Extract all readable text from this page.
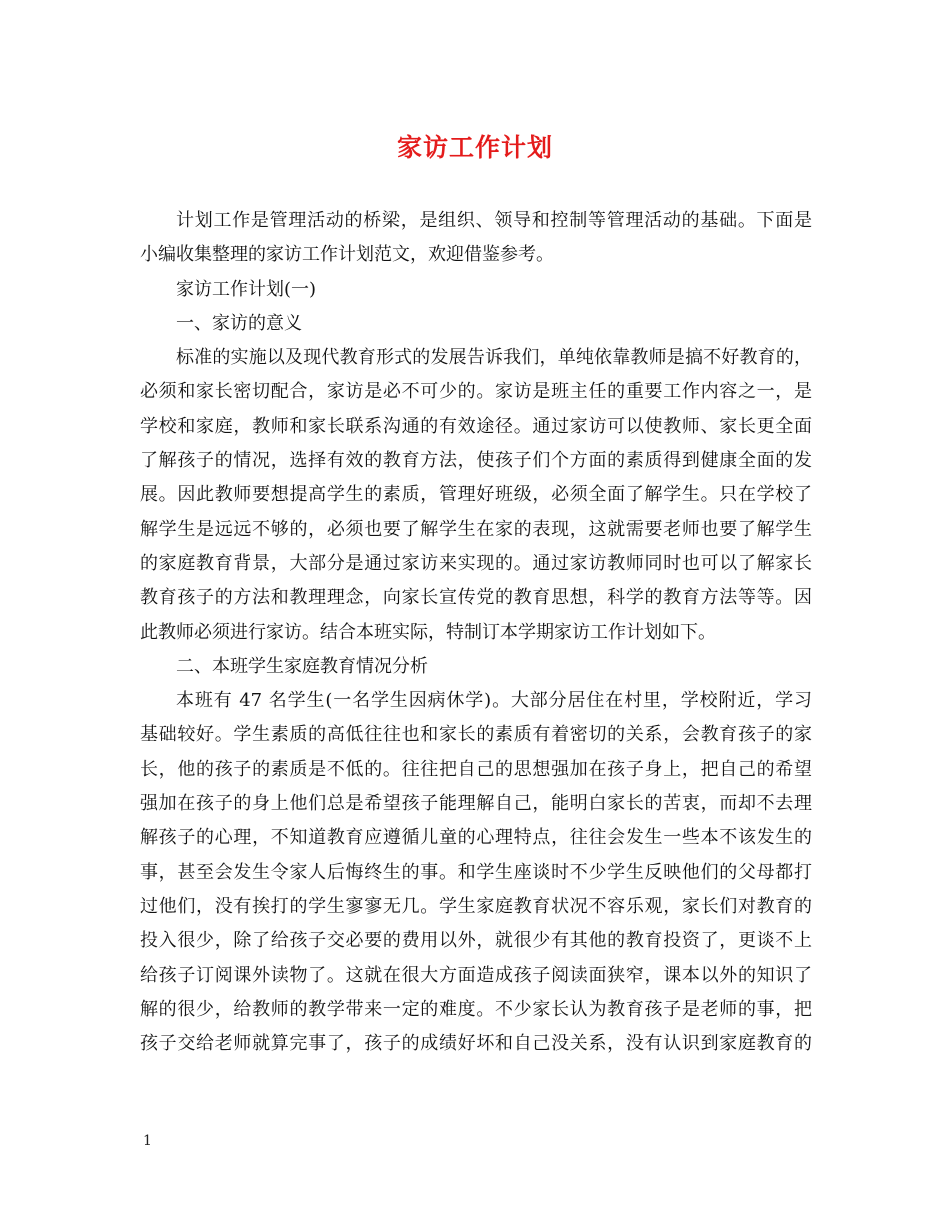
家访工作计划
计划工作是管理活动的桥梁，是组织、领导和控制等管理活动的基础。下面是
小编收集整理的家访工作计划范文，欢迎借鉴参考。
家访工作计划(一)
一、家访的意义
标准的实施以及现代教育形式的发展告诉我们，单纯依靠教师是搞不好教育的，
必须和家长密切配合，家访是必不可少的。家访是班主任的重要工作内容之一，是
学校和家庭，教师和家长联系沟通的有效途径。通过家访可以使教师、家长更全面
了解孩子的情况，选择有效的教育方法，使孩子们个方面的素质得到健康全面的发
展。因此教师要想提高学生的素质，管理好班级，必须全面了解学生。只在学校了
解学生是远远不够的，必须也要了解学生在家的表现，这就需要老师也要了解学生
的家庭教育背景，大部分是通过家访来实现的。通过家访教师同时也可以了解家长
教育孩子的方法和教理理念，向家长宣传党的教育思想，科学的教育方法等等。因
此教师必须进行家访。结合本班实际，特制订本学期家访工作计划如下。
二、本班学生家庭教育情况分析
本班有 47 名学生(一名学生因病休学)。大部分居住在村里，学校附近，学习
基础较好。学生素质的高低往往也和家长的素质有着密切的关系，会教育孩子的家
长，他的孩子的素质是不低的。往往把自己的思想强加在孩子身上，把自己的希望
强加在孩子的身上他们总是希望孩子能理解自己，能明白家长的苦衷，而却不去理
解孩子的心理，不知道教育应遵循儿童的心理特点，往往会发生一些本不该发生的
事，甚至会发生令家人后悔终生的事。和学生座谈时不少学生反映他们的父母都打
过他们，没有挨打的学生寥寥无几。学生家庭教育状况不容乐观，家长们对教育的
投入很少，除了给孩子交必要的费用以外，就很少有其他的教育投资了，更谈不上
给孩子订阅课外读物了。这就在很大方面造成孩子阅读面狭窄，课本以外的知识了
解的很少，给教师的教学带来一定的难度。不少家长认为教育孩子是老师的事，把
孩子交给老师就算完事了，孩子的成绩好坏和自己没关系，没有认识到家庭教育的
1
